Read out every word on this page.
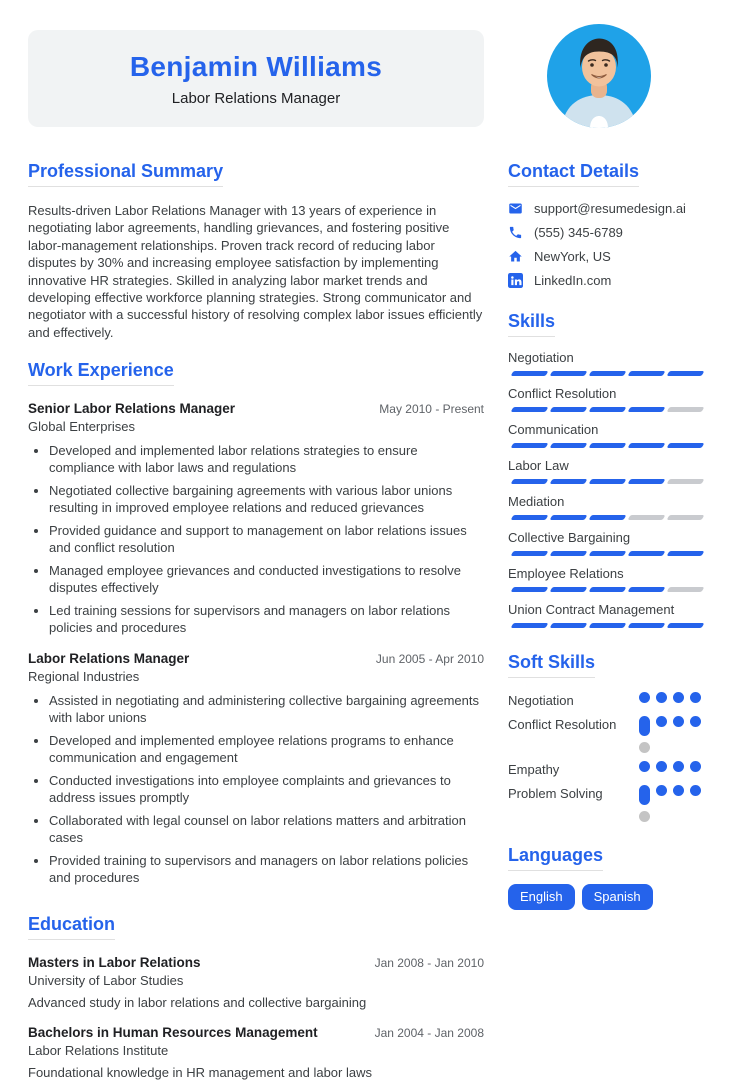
Benjamin Williams
Labor Relations Manager
Professional Summary

Results-driven Labor Relations Manager with 13 years of experience in negotiating labor agreements, handling grievances, and fostering positive labor-management relationships. Proven track record of reducing labor disputes by 30% and increasing employee satisfaction by implementing innovative HR strategies. Skilled in analyzing labor market trends and developing effective workforce planning strategies. Strong communicator and negotiator with a successful history of resolving complex labor issues efficiently and effectively.

Work Experience
Senior Labor Relations Manager	May 2010 - Present
Global Enterprises
• Developed and implemented labor relations strategies to ensure compliance with labor laws and regulations
• Negotiated collective bargaining agreements with various labor unions resulting in improved employee relations and reduced grievances
• Provided guidance and support to management on labor relations issues and conflict resolution
• Managed employee grievances and conducted investigations to resolve disputes effectively
• Led training sessions for supervisors and managers on labor relations policies and procedures
Labor Relations Manager	Jun 2005 - Apr 2010
Regional Industries
• Assisted in negotiating and administering collective bargaining agreements with labor unions
• Developed and implemented employee relations programs to enhance communication and engagement
• Conducted investigations into employee complaints and grievances to address issues promptly
• Collaborated with legal counsel on labor relations matters and arbitration cases
• Provided training to supervisors and managers on labor relations policies and procedures
Education
Masters in Labor Relations	Jan 2008 - Jan 2010
University of Labor Studies
Advanced study in labor relations and collective bargaining
Bachelors in Human Resources Management	Jan 2004 - Jan 2008
Labor Relations Institute
Foundational knowledge in HR management and labor laws
Contact Details
support@resumedesign.ai
(555) 345-6789
NewYork, US
LinkedIn.com
Skills
Negotiation
Conflict Resolution
Communication
Labor Law
Mediation
Collective Bargaining
Employee Relations
Union Contract Management
Soft Skills
Negotiation
Conflict Resolution
Empathy
Problem Solving
Languages
English	Spanish
